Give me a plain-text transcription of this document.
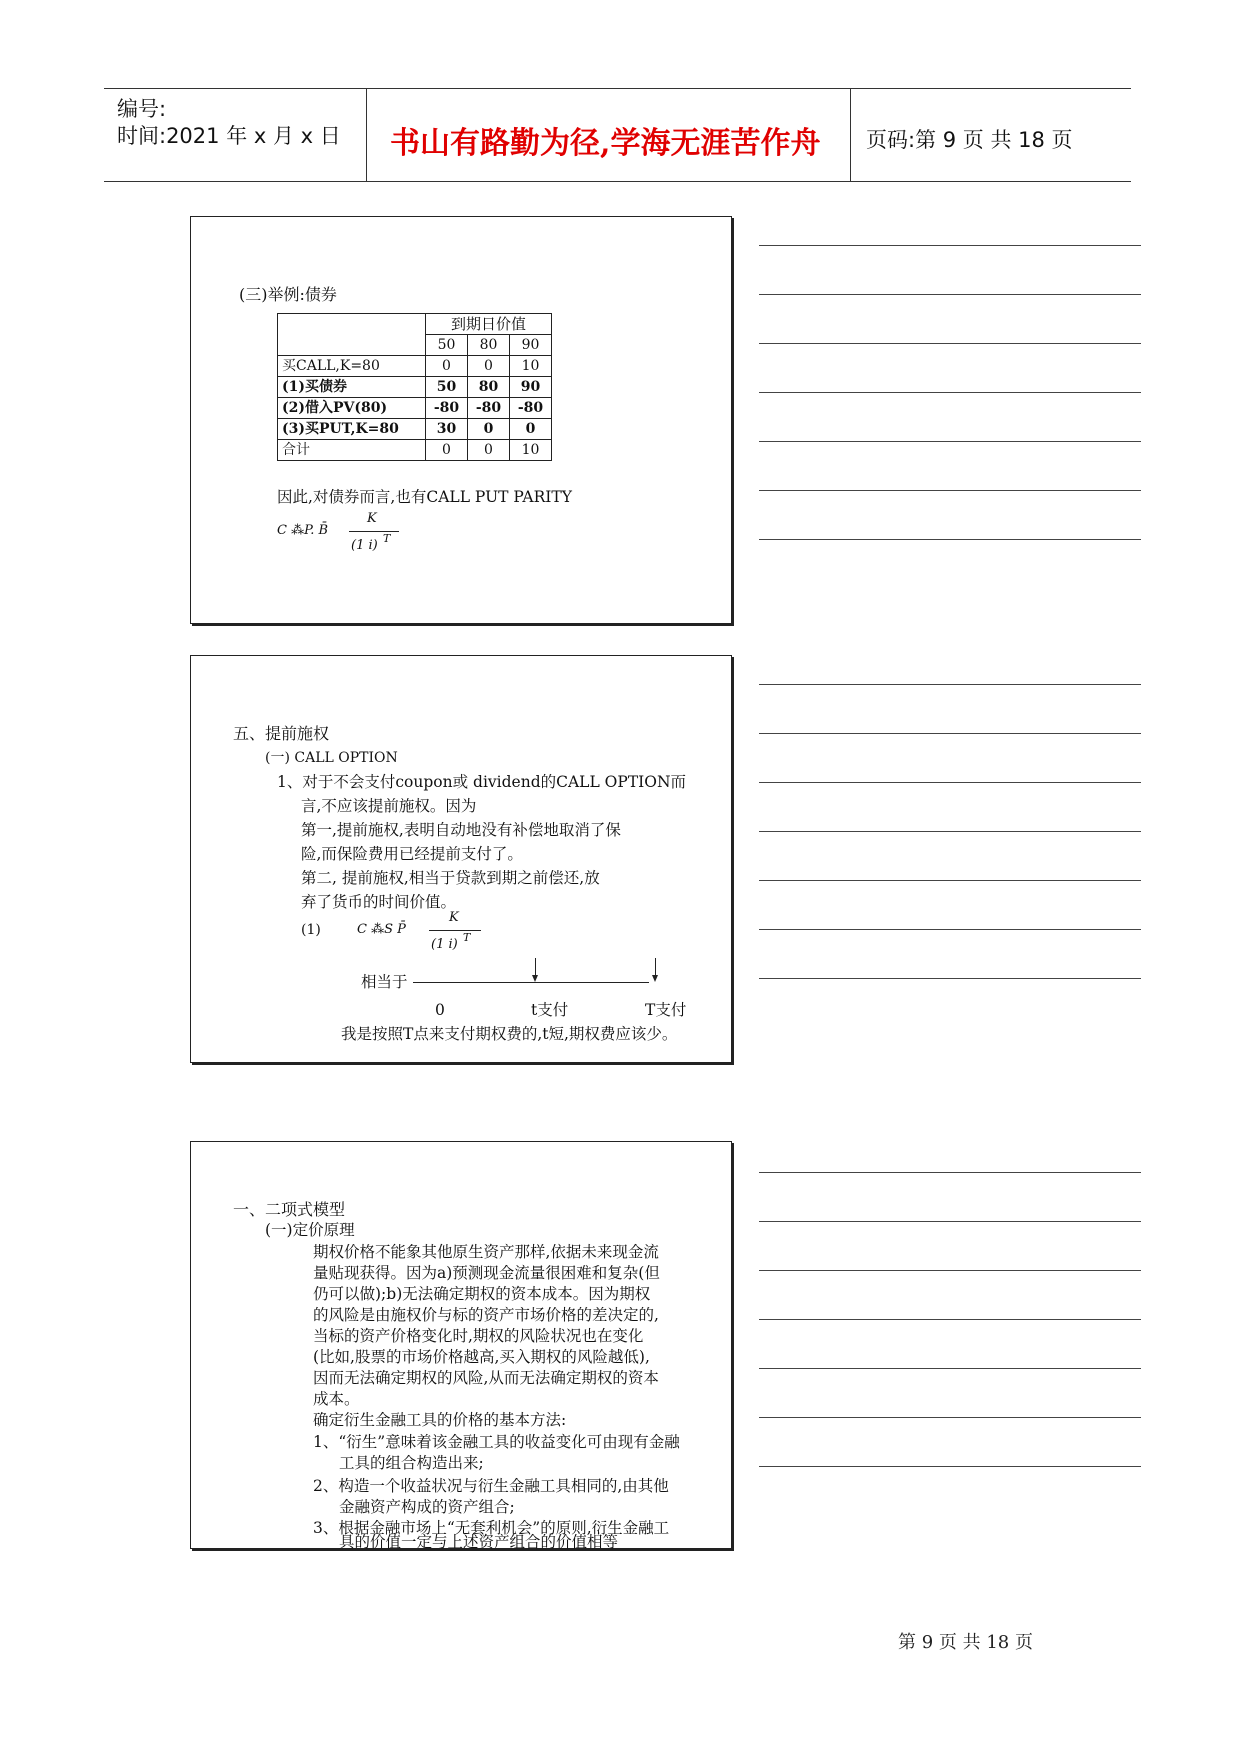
编号:
时间:2021 年 x 月 x 日 书山有路勤为径,学海无涯苦作舟 页码:第 9 页 共 18 页
(三)举例:债券
	到期日价值		
	50	80	90
买CALL,K=80	0	0	10
(1)买债券	50	80	90
(2)借入PV(80)	-80	-80	-80
(3)买PUT,K=80	30	0	0
合计	0	0	10
因此,对债券而言,也有CALL PUT PARITY
C ⁂P. B̄
K
(1 i) T
五、提前施权
(一) CALL OPTION
1、对于不会支付coupon或 dividend的CALL OPTION而
言,不应该提前施权。因为
第一,提前施权,表明自动地没有补偿地取消了保
险,而保险费用已经提前支付了。
第二, 提前施权,相当于贷款到期之前偿还,放
弃了货币的时间价值。
(1)	C ⁂S P̄
K
(1 i) T
相当于
0	t支付	T支付
我是按照T点来支付期权费的,t短,期权费应该少。
一、二项式模型
(一)定价原理
期权价格不能象其他原生资产那样,依据未来现金流
量贴现获得。因为a)预测现金流量很困难和复杂(但
仍可以做);b)无法确定期权的资本成本。因为期权
的风险是由施权价与标的资产市场价格的差决定的,
当标的资产价格变化时,期权的风险状况也在变化
(比如,股票的市场价格越高,买入期权的风险越低),
因而无法确定期权的风险,从而无法确定期权的资本
成本。
确定衍生金融工具的价格的基本方法:
1、“衍生”意味着该金融工具的收益变化可由现有金融
工具的组合构造出来;
2、构造一个收益状况与衍生金融工具相同的,由其他
金融资产构成的资产组合;
3、根据金融市场上“无套利机会”的原则,衍生金融工
具的价值一定与上述资产组合的价值相等
第 9 页 共 18 页
